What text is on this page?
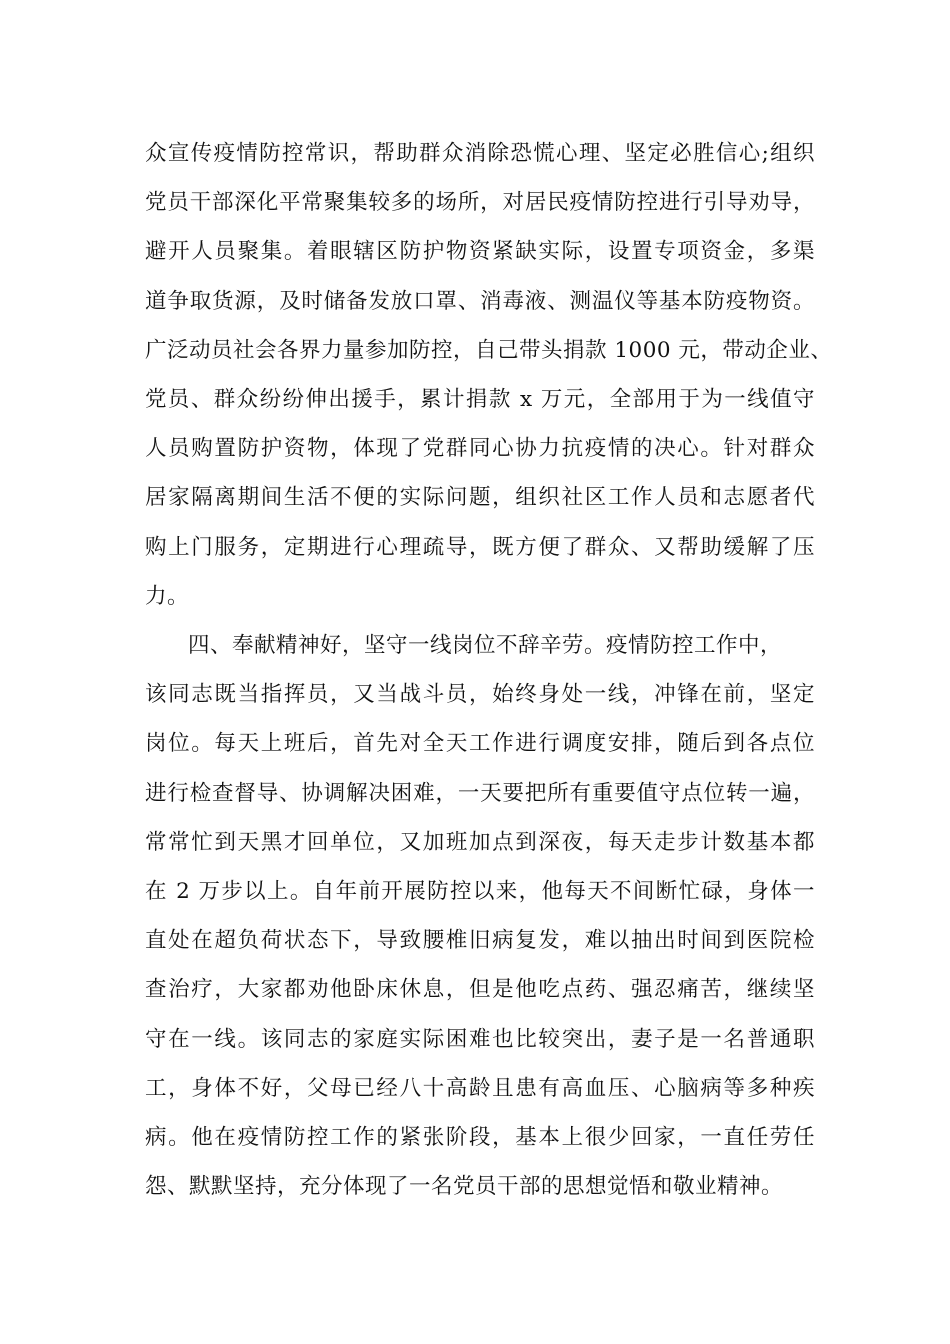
众宣传疫情防控常识，帮助群众消除恐慌心理、坚定必胜信心;组织
党员干部深化平常聚集较多的场所，对居民疫情防控进行引导劝导，
避开人员聚集。着眼辖区防护物资紧缺实际，设置专项资金，多渠
道争取货源，及时储备发放口罩、消毒液、测温仪等基本防疫物资。
广泛动员社会各界力量参加防控，自己带头捐款 1000 元，带动企业、
党员、群众纷纷伸出援手，累计捐款 x 万元，全部用于为一线值守
人员购置防护资物，体现了党群同心协力抗疫情的决心。针对群众
居家隔离期间生活不便的实际问题，组织社区工作人员和志愿者代
购上门服务，定期进行心理疏导，既方便了群众、又帮助缓解了压
力。
四、奉献精神好，坚守一线岗位不辞辛劳。疫情防控工作中，
该同志既当指挥员，又当战斗员，始终身处一线，冲锋在前，坚定
岗位。每天上班后，首先对全天工作进行调度安排，随后到各点位
进行检查督导、协调解决困难，一天要把所有重要值守点位转一遍，
常常忙到天黑才回单位，又加班加点到深夜，每天走步计数基本都
在 2 万步以上。自年前开展防控以来，他每天不间断忙碌，身体一
直处在超负荷状态下，导致腰椎旧病复发，难以抽出时间到医院检
查治疗，大家都劝他卧床休息，但是他吃点药、强忍痛苦，继续坚
守在一线。该同志的家庭实际困难也比较突出，妻子是一名普通职
工，身体不好，父母已经八十高龄且患有高血压、心脑病等多种疾
病。他在疫情防控工作的紧张阶段，基本上很少回家，一直任劳任
怨、默默坚持，充分体现了一名党员干部的思想觉悟和敬业精神。
